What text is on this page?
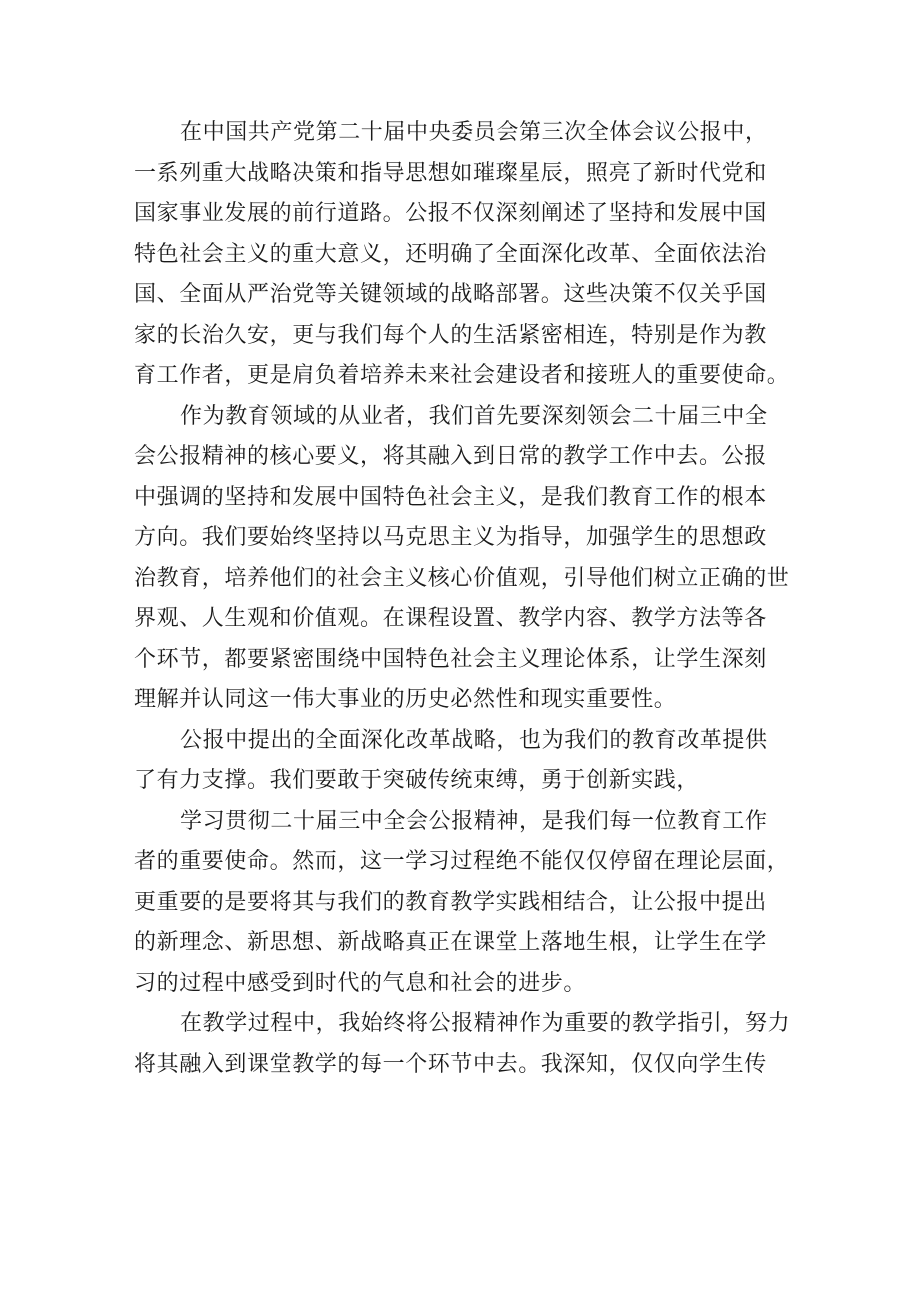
在中国共产党第二十届中央委员会第三次全体会议公报中，
一系列重大战略决策和指导思想如璀璨星辰，照亮了新时代党和
国家事业发展的前行道路。公报不仅深刻阐述了坚持和发展中国
特色社会主义的重大意义，还明确了全面深化改革、全面依法治
国、全面从严治党等关键领域的战略部署。这些决策不仅关乎国
家的长治久安，更与我们每个人的生活紧密相连，特别是作为教
育工作者，更是肩负着培养未来社会建设者和接班人的重要使命。
作为教育领域的从业者，我们首先要深刻领会二十届三中全
会公报精神的核心要义，将其融入到日常的教学工作中去。公报
中强调的坚持和发展中国特色社会主义，是我们教育工作的根本
方向。我们要始终坚持以马克思主义为指导，加强学生的思想政
治教育，培养他们的社会主义核心价值观，引导他们树立正确的世
界观、人生观和价值观。在课程设置、教学内容、教学方法等各
个环节，都要紧密围绕中国特色社会主义理论体系，让学生深刻
理解并认同这一伟大事业的历史必然性和现实重要性。
公报中提出的全面深化改革战略，也为我们的教育改革提供
了有力支撑。我们要敢于突破传统束缚，勇于创新实践，
学习贯彻二十届三中全会公报精神，是我们每一位教育工作
者的重要使命。然而，这一学习过程绝不能仅仅停留在理论层面，
更重要的是要将其与我们的教育教学实践相结合，让公报中提出
的新理念、新思想、新战略真正在课堂上落地生根，让学生在学
习的过程中感受到时代的气息和社会的进步。
在教学过程中，我始终将公报精神作为重要的教学指引，努力
将其融入到课堂教学的每一个环节中去。我深知，仅仅向学生传
